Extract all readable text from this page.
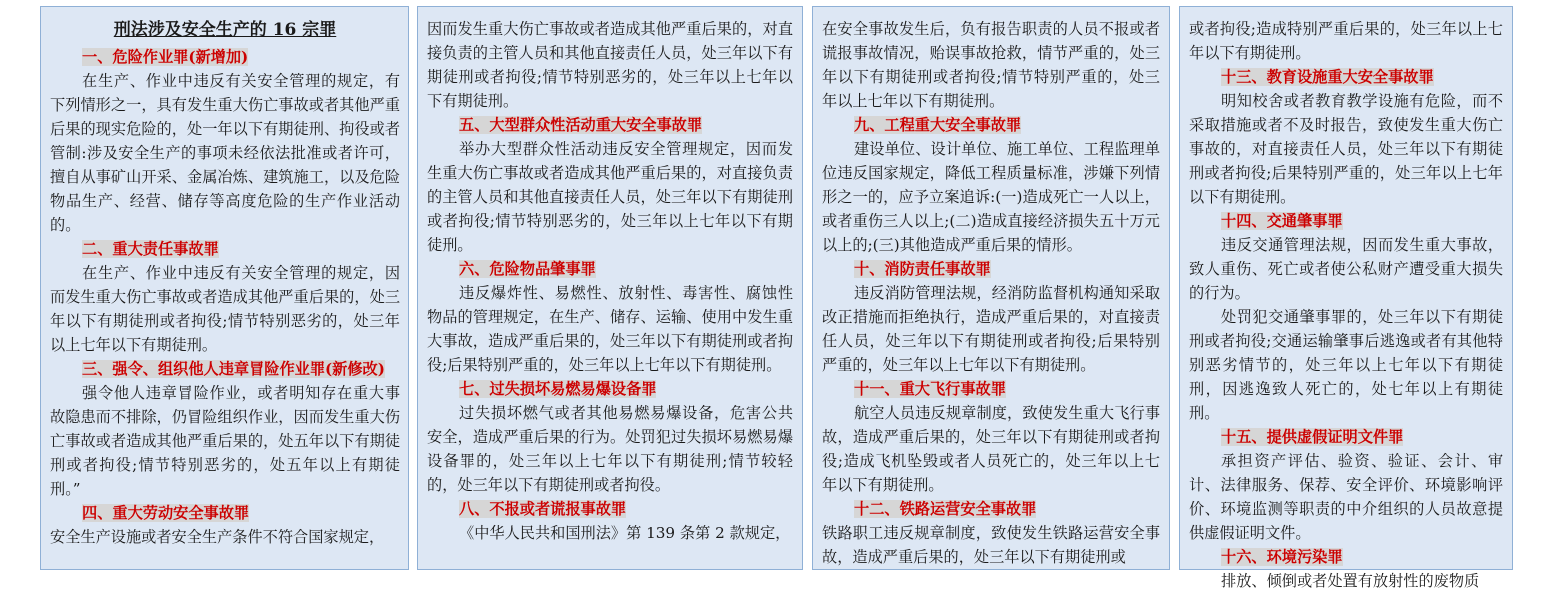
刑法涉及安全生产的 16 宗罪
一、危险作业罪(新增加)

在生产、作业中违反有关安全管理的规定，有下列情形之一，具有发生重大伤亡事故或者其他严重后果的现实危险的，处一年以下有期徒刑、拘役或者管制:涉及安全生产的事项未经依法批准或者许可，擅自从事矿山开采、金属冶炼、建筑施工，以及危险物品生产、经营、储存等高度危险的生产作业活动的。

二、重大责任事故罪

在生产、作业中违反有关安全管理的规定，因而发生重大伤亡事故或者造成其他严重后果的，处三年以下有期徒刑或者拘役;情节特别恶劣的，处三年以上七年以下有期徒刑。

三、强令、组织他人违章冒险作业罪(新修改)

强令他人违章冒险作业，或者明知存在重大事故隐患而不排除，仍冒险组织作业，因而发生重大伤亡事故或者造成其他严重后果的，处五年以下有期徒刑或者拘役;情节特别恶劣的，处五年以上有期徒刑。”

四、重大劳动安全事故罪

安全生产设施或者安全生产条件不符合国家规定，

因而发生重大伤亡事故或者造成其他严重后果的，对直接负责的主管人员和其他直接责任人员，处三年以下有期徒刑或者拘役;情节特别恶劣的，处三年以上七年以下有期徒刑。

五、大型群众性活动重大安全事故罪

举办大型群众性活动违反安全管理规定，因而发生重大伤亡事故或者造成其他严重后果的，对直接负责的主管人员和其他直接责任人员，处三年以下有期徒刑或者拘役;情节特别恶劣的，处三年以上七年以下有期徒刑。

六、危险物品肇事罪

违反爆炸性、易燃性、放射性、毒害性、腐蚀性物品的管理规定，在生产、储存、运输、使用中发生重大事故，造成严重后果的，处三年以下有期徒刑或者拘役;后果特别严重的，处三年以上七年以下有期徒刑。

七、过失损坏易燃易爆设备罪

过失损坏燃气或者其他易燃易爆设备，危害公共安全，造成严重后果的行为。处罚犯过失损坏易燃易爆设备罪的，处三年以上七年以下有期徒刑;情节较轻的，处三年以下有期徒刑或者拘役。

八、不报或者谎报事故罪

《中华人民共和国刑法》第 139 条第 2 款规定，

在安全事故发生后，负有报告职责的人员不报或者谎报事故情况，贻误事故抢救，情节严重的，处三年以下有期徒刑或者拘役;情节特别严重的，处三年以上七年以下有期徒刑。

九、工程重大安全事故罪

建设单位、设计单位、施工单位、工程监理单位违反国家规定，降低工程质量标准，涉嫌下列情形之一的，应予立案追诉:(一)造成死亡一人以上，或者重伤三人以上;(二)造成直接经济损失五十万元以上的;(三)其他造成严重后果的情形。

十、消防责任事故罪

违反消防管理法规，经消防监督机构通知采取改正措施而拒绝执行，造成严重后果的，对直接责任人员，处三年以下有期徒刑或者拘役;后果特别严重的，处三年以上七年以下有期徒刑。

十一、重大飞行事故罪

航空人员违反规章制度，致使发生重大飞行事故，造成严重后果的，处三年以下有期徒刑或者拘役;造成飞机坠毁或者人员死亡的，处三年以上七年以下有期徒刑。

十二、铁路运营安全事故罪

铁路职工违反规章制度，致使发生铁路运营安全事故，造成严重后果的，处三年以下有期徒刑或

或者拘役;造成特别严重后果的，处三年以上七年以下有期徒刑。

十三、教育设施重大安全事故罪

明知校舍或者教育教学设施有危险，而不采取措施或者不及时报告，致使发生重大伤亡事故的，对直接责任人员，处三年以下有期徒刑或者拘役;后果特别严重的，处三年以上七年以下有期徒刑。

十四、交通肇事罪

违反交通管理法规，因而发生重大事故，致人重伤、死亡或者使公私财产遭受重大损失的行为。

处罚犯交通肇事罪的，处三年以下有期徒刑或者拘役;交通运输肇事后逃逸或者有其他特别恶劣情节的，处三年以上七年以下有期徒刑，因逃逸致人死亡的，处七年以上有期徒刑。

十五、提供虚假证明文件罪

承担资产评估、验资、验证、会计、审计、法律服务、保荐、安全评价、环境影响评价、环境监测等职责的中介组织的人员故意提供虚假证明文件。

十六、环境污染罪

排放、倾倒或者处置有放射性的废物质
